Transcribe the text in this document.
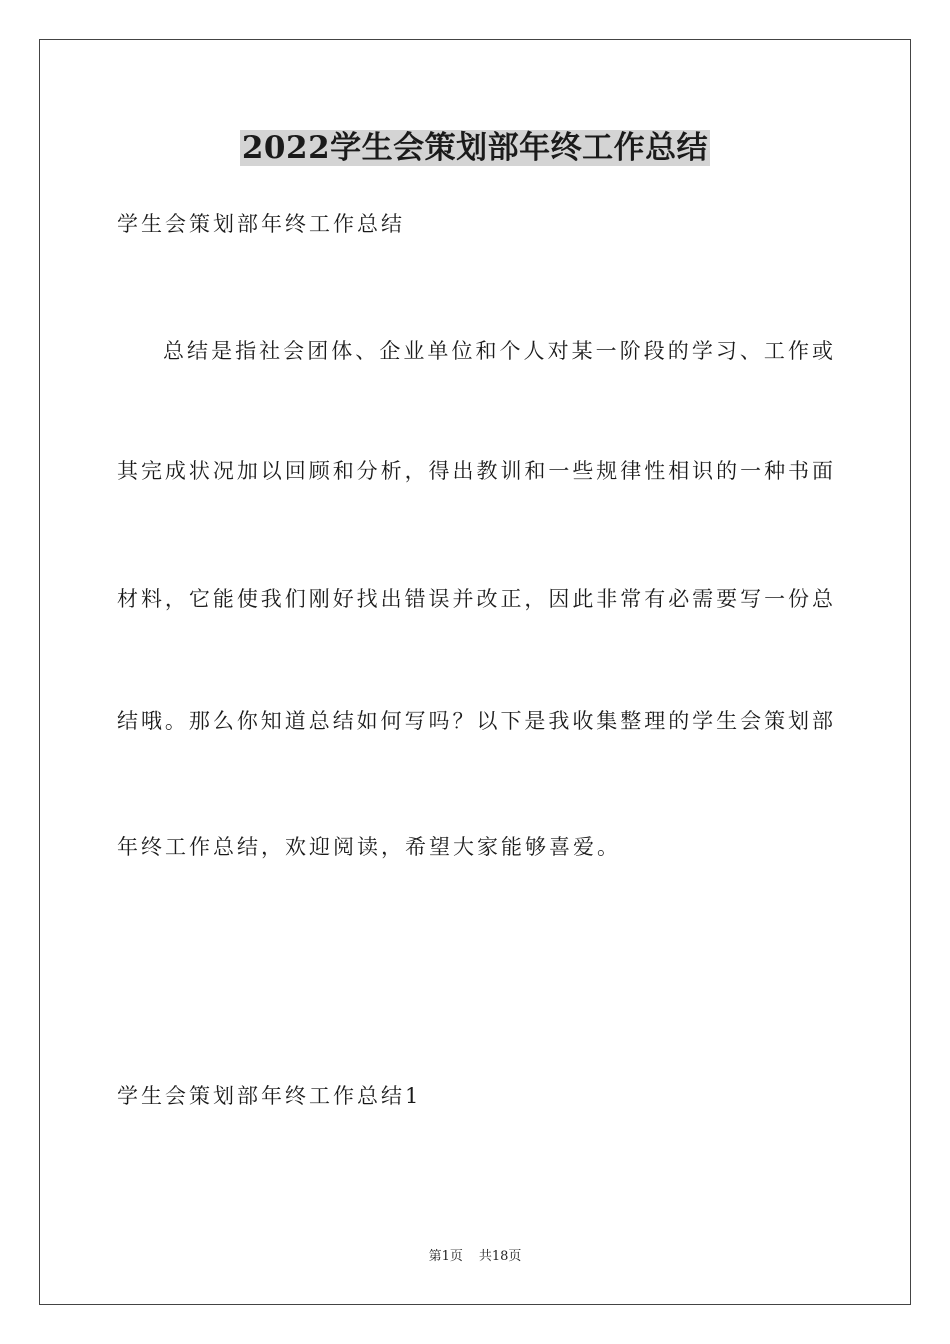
2022学生会策划部年终工作总结
学生会策划部年终工作总结
总结是指社会团体、企业单位和个人对某一阶段的学习、工作或
其完成状况加以回顾和分析，得出教训和一些规律性相识的一种书面
材料，它能使我们刚好找出错误并改正，因此非常有必需要写一份总
结哦。那么你知道总结如何写吗？以下是我收集整理的学生会策划部
年终工作总结，欢迎阅读，希望大家能够喜爱。
学生会策划部年终工作总结1
第1页 共18页
